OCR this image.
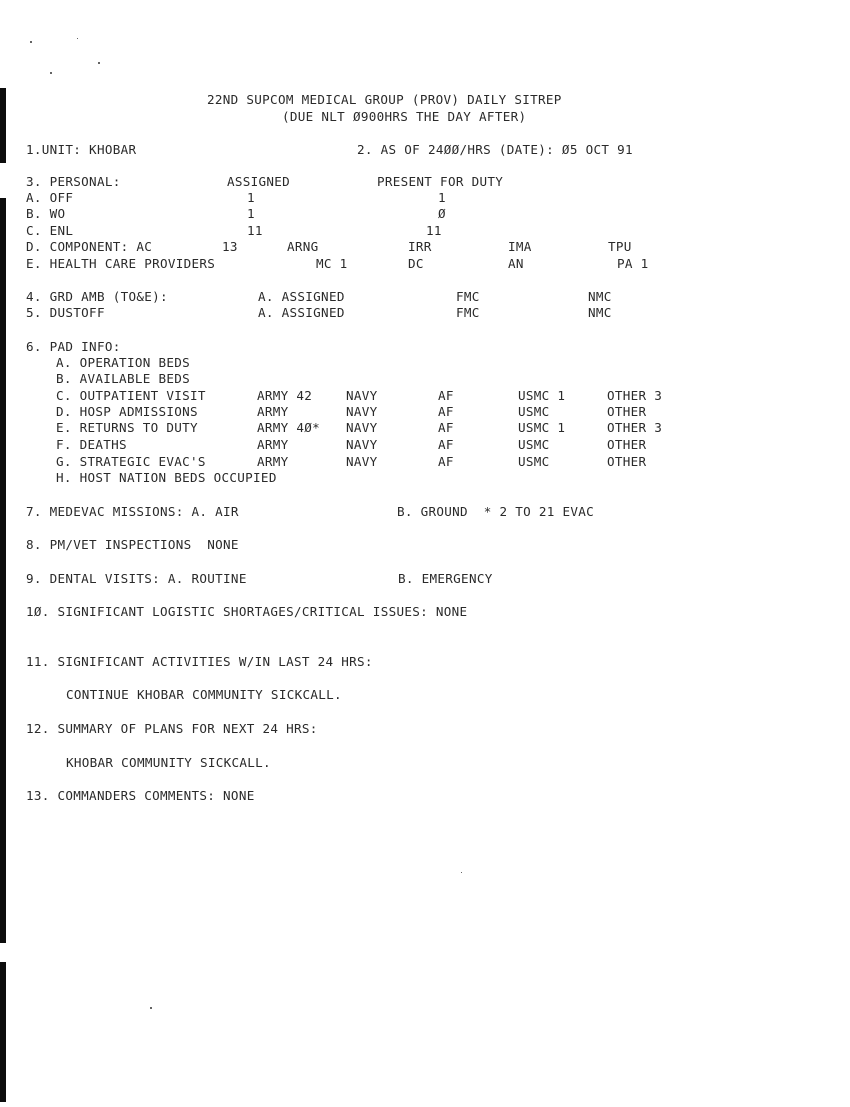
22ND SUPCOM MEDICAL GROUP (PROV) DAILY SITREP
(DUE NLT Ø900HRS THE DAY AFTER)
1.UNIT: KHOBAR	2. AS OF 24ØØ/HRS (DATE): Ø5 OCT 91
3. PERSONAL:	ASSIGNED	PRESENT FOR DUTY
A. OFF	1	1
B. WO	1	Ø
C. ENL	11	11
D. COMPONENT: AC	13	ARNG	IRR	IMA	TPU
E. HEALTH CARE PROVIDERS	MC 1	DC	AN	PA 1
4. GRD AMB (TO&E):	A. ASSIGNED	FMC	NMC
5. DUSTOFF	A. ASSIGNED	FMC	NMC
6. PAD INFO:
A. OPERATION BEDS
B. AVAILABLE BEDS
C. OUTPATIENT VISIT	ARMY 42	NAVY	AF	USMC 1	OTHER 3
D. HOSP ADMISSIONS	ARMY	NAVY	AF	USMC	OTHER
E. RETURNS TO DUTY	ARMY 4Ø* NAVY	AF	USMC 1	OTHER 3
F. DEATHS	ARMY	NAVY	AF	USMC	OTHER
G. STRATEGIC EVAC'S	ARMY	NAVY	AF	USMC	OTHER
H. HOST NATION BEDS OCCUPIED
7. MEDEVAC MISSIONS: A. AIR	B. GROUND  * 2 TO 21 EVAC
8. PM/VET INSPECTIONS  NONE
9. DENTAL VISITS: A. ROUTINE	B. EMERGENCY
1Ø. SIGNIFICANT LOGISTIC SHORTAGES/CRITICAL ISSUES: NONE
11. SIGNIFICANT ACTIVITIES W/IN LAST 24 HRS:
CONTINUE KHOBAR COMMUNITY SICKCALL.
12. SUMMARY OF PLANS FOR NEXT 24 HRS:
KHOBAR COMMUNITY SICKCALL.
13. COMMANDERS COMMENTS: NONE
